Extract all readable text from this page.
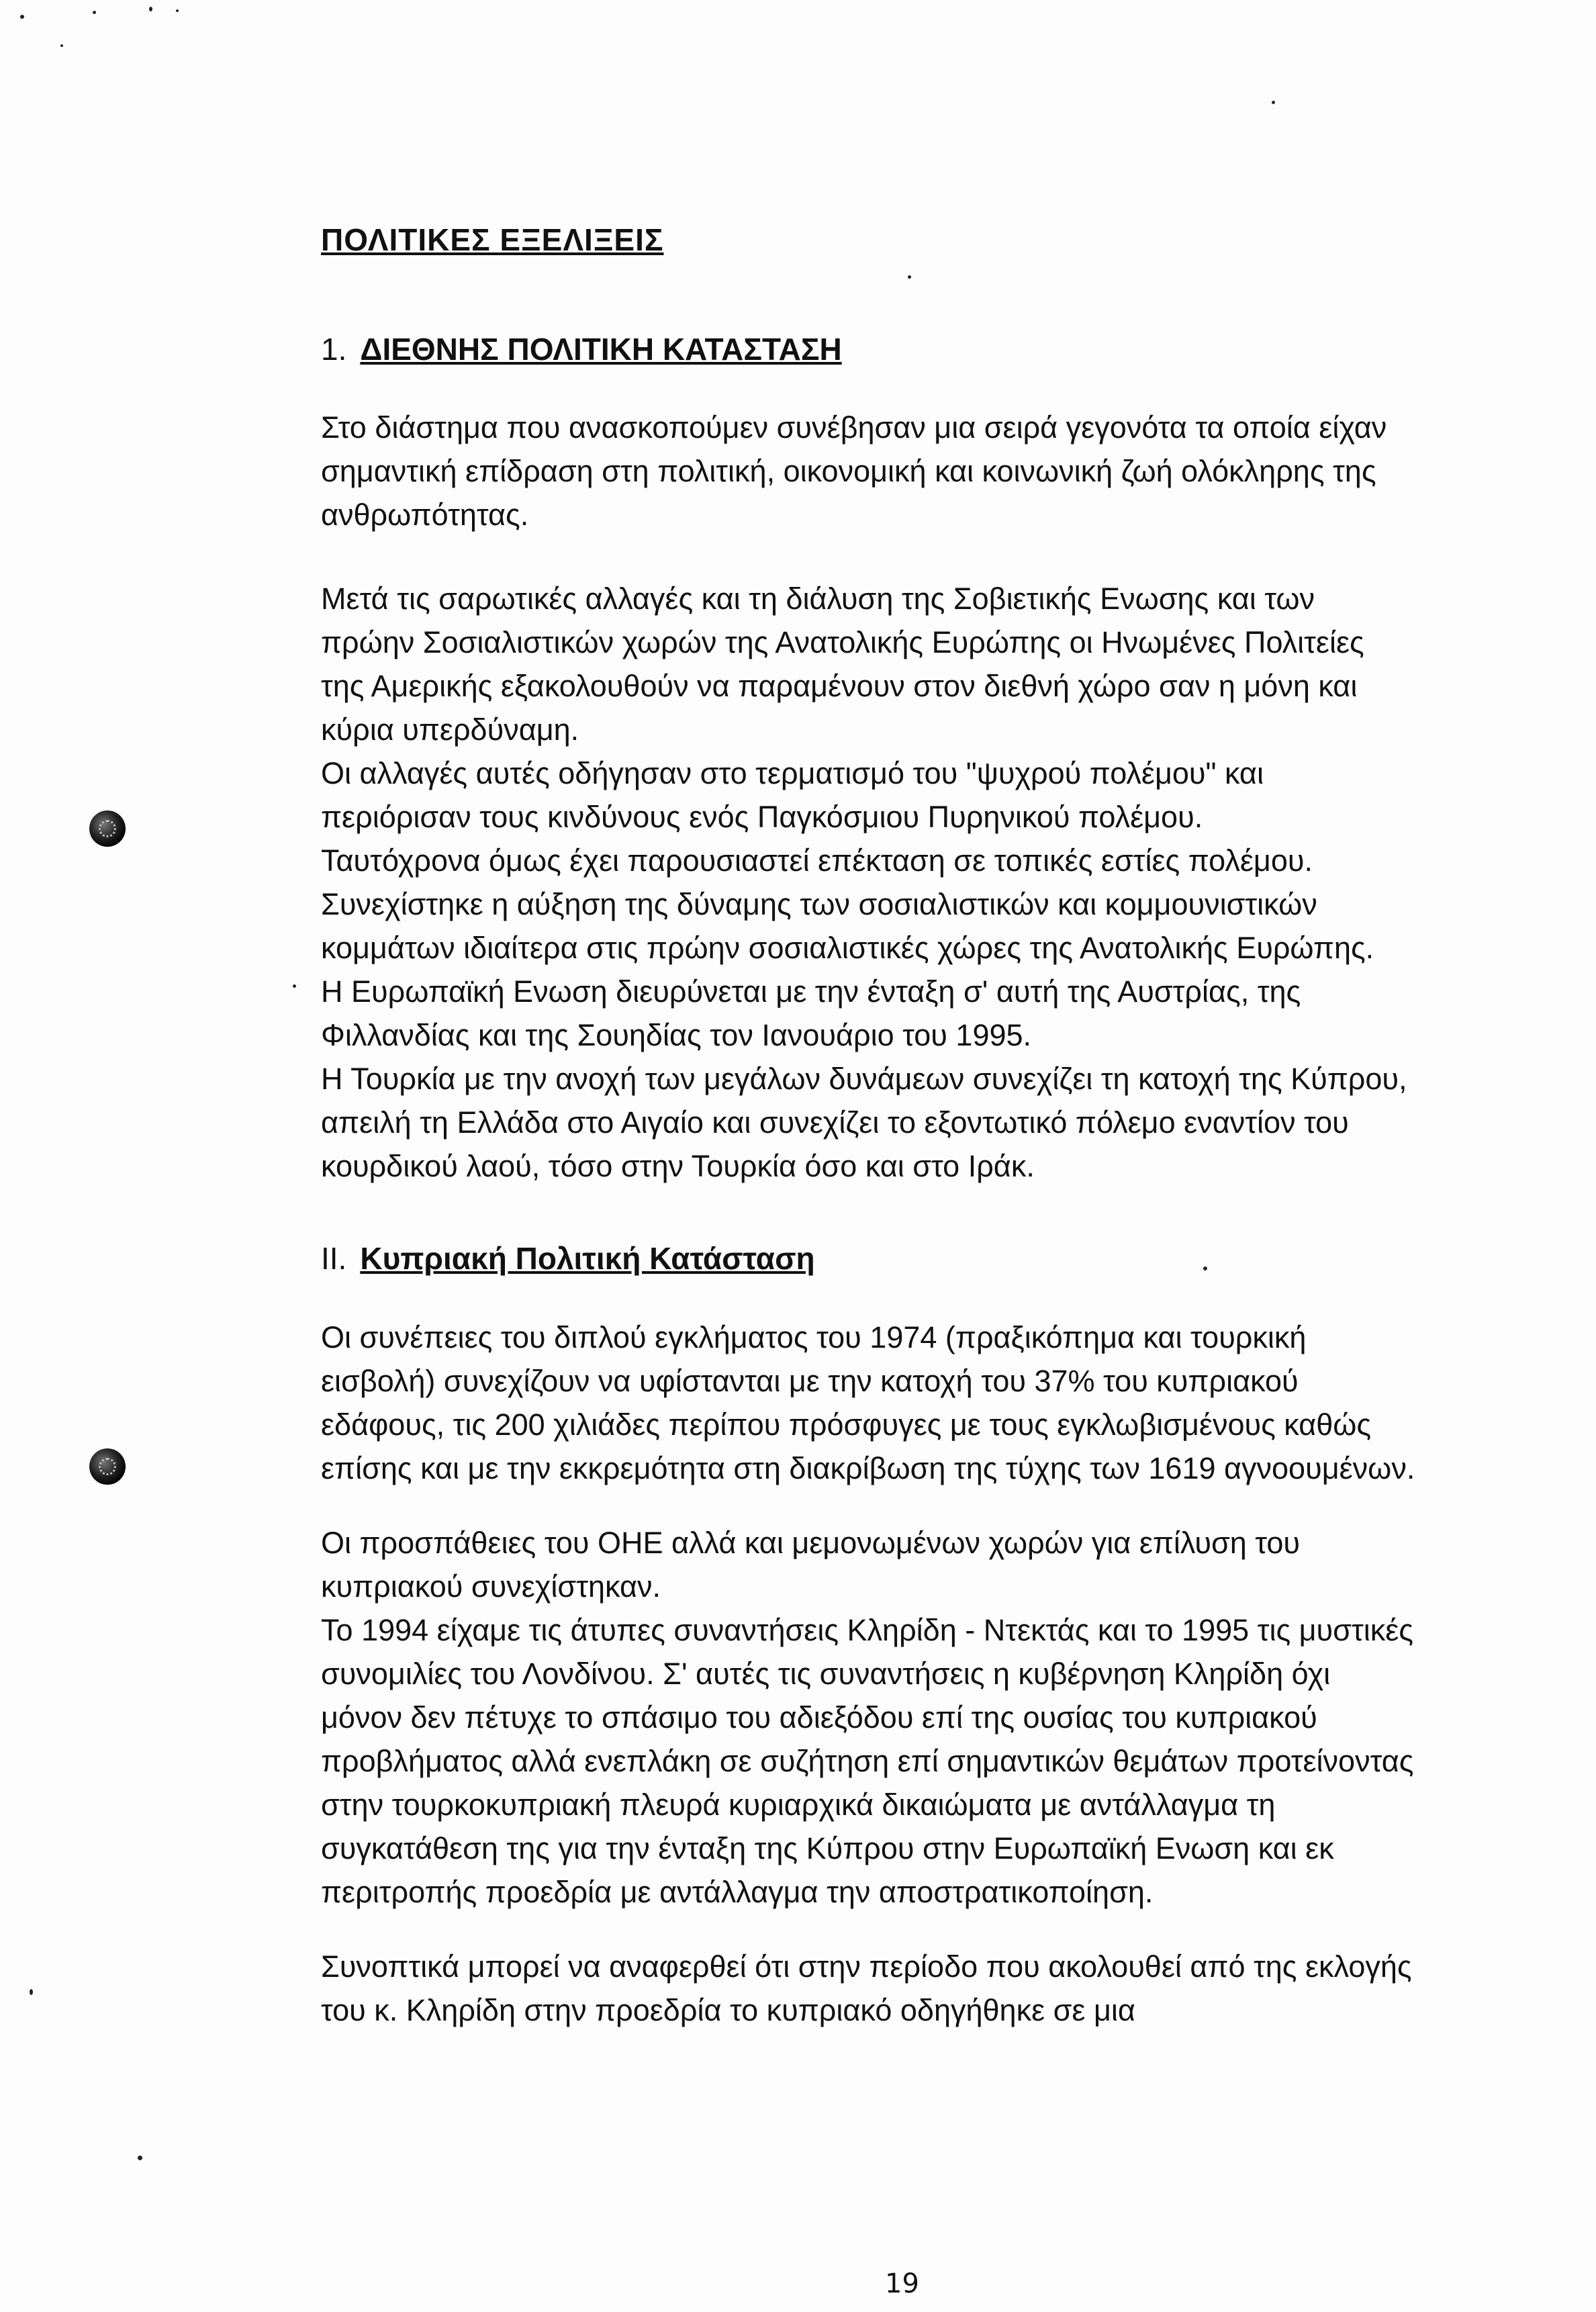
ΠΟΛΙΤΙΚΕΣ ΕΞΕΛΙΞΕΙΣ
1. ΔΙΕΘΝΗΣ ΠΟΛΙΤΙΚΗ ΚΑΤΑΣΤΑΣΗ

Στο διάστημα που ανασκοπούμεν συνέβησαν μια σειρά γεγονότα τα οποία είχαν σημαντική επίδραση στη πολιτική, οικονομική και κοινωνική ζωή ολόκληρης της ανθρωπότητας.

Μετά τις σαρωτικές αλλαγές και τη διάλυση της Σοβιετικής Ενωσης και των πρώην Σοσιαλιστικών χωρών της Ανατολικής Ευρώπης οι Ηνωμένες Πολιτείες της Αμερικής εξακολουθούν να παραμένουν στον διεθνή χώρο σαν η μόνη και κύρια υπερδύναμη.

Οι αλλαγές αυτές οδήγησαν στο τερματισμό του "ψυχρού πολέμου" και περιόρισαν τους κινδύνους ενός Παγκόσμιου Πυρηνικού πολέμου.

Ταυτόχρονα όμως έχει παρουσιαστεί επέκταση σε τοπικές εστίες πολέμου.

Συνεχίστηκε η αύξηση της δύναμης των σοσιαλιστικών και κομμουνιστικών κομμάτων ιδιαίτερα στις πρώην σοσιαλιστικές χώρες της Ανατολικής Ευρώπης.

Η Ευρωπαϊκή Ενωση διευρύνεται με την ένταξη σ' αυτή της Αυστρίας, της Φιλλανδίας και της Σουηδίας τον Ιανουάριο του 1995.

Η Τουρκία με την ανοχή των μεγάλων δυνάμεων συνεχίζει τη κατοχή της Κύπρου, απειλή τη Ελλάδα στο Αιγαίο και συνεχίζει το εξοντωτικό πόλεμο εναντίον του κουρδικού λαού, τόσο στην Τουρκία όσο και στο Ιράκ.

ΙΙ. Κυπριακή Πολιτική Κατάσταση

Οι συνέπειες του διπλού εγκλήματος του 1974 (πραξικόπημα και τουρκική εισβολή) συνεχίζουν να υφίστανται με την κατοχή του 37% του κυπριακού εδάφους, τις 200 χιλιάδες περίπου πρόσφυγες με τους εγκλωβισμένους καθώς επίσης και με την εκκρεμότητα στη διακρίβωση της τύχης των 1619 αγνοουμένων.

Οι προσπάθειες του ΟΗΕ αλλά και μεμονωμένων χωρών για επίλυση του κυπριακού συνεχίστηκαν.

Το 1994 είχαμε τις άτυπες συναντήσεις Κληρίδη - Ντεκτάς και το 1995 τις μυστικές συνομιλίες του Λονδίνου. Σ' αυτές τις συναντήσεις η κυβέρνηση Κληρίδη όχι μόνον δεν πέτυχε το σπάσιμο του αδιεξόδου επί της ουσίας του κυπριακού προβλήματος αλλά ενεπλάκη σε συζήτηση επί σημαντικών θεμάτων προτείνοντας στην τουρκοκυπριακή πλευρά κυριαρχικά δικαιώματα με αντάλλαγμα τη συγκατάθεση της για την ένταξη της Κύπρου στην Ευρωπαϊκή Ενωση και εκ περιτροπής προεδρία με αντάλλαγμα την αποστρατικοποίηση.

Συνοπτικά μπορεί να αναφερθεί ότι στην περίοδο που ακολουθεί από της εκλογής του κ. Κληρίδη στην προεδρία το κυπριακό οδηγήθηκε σε μια

19
